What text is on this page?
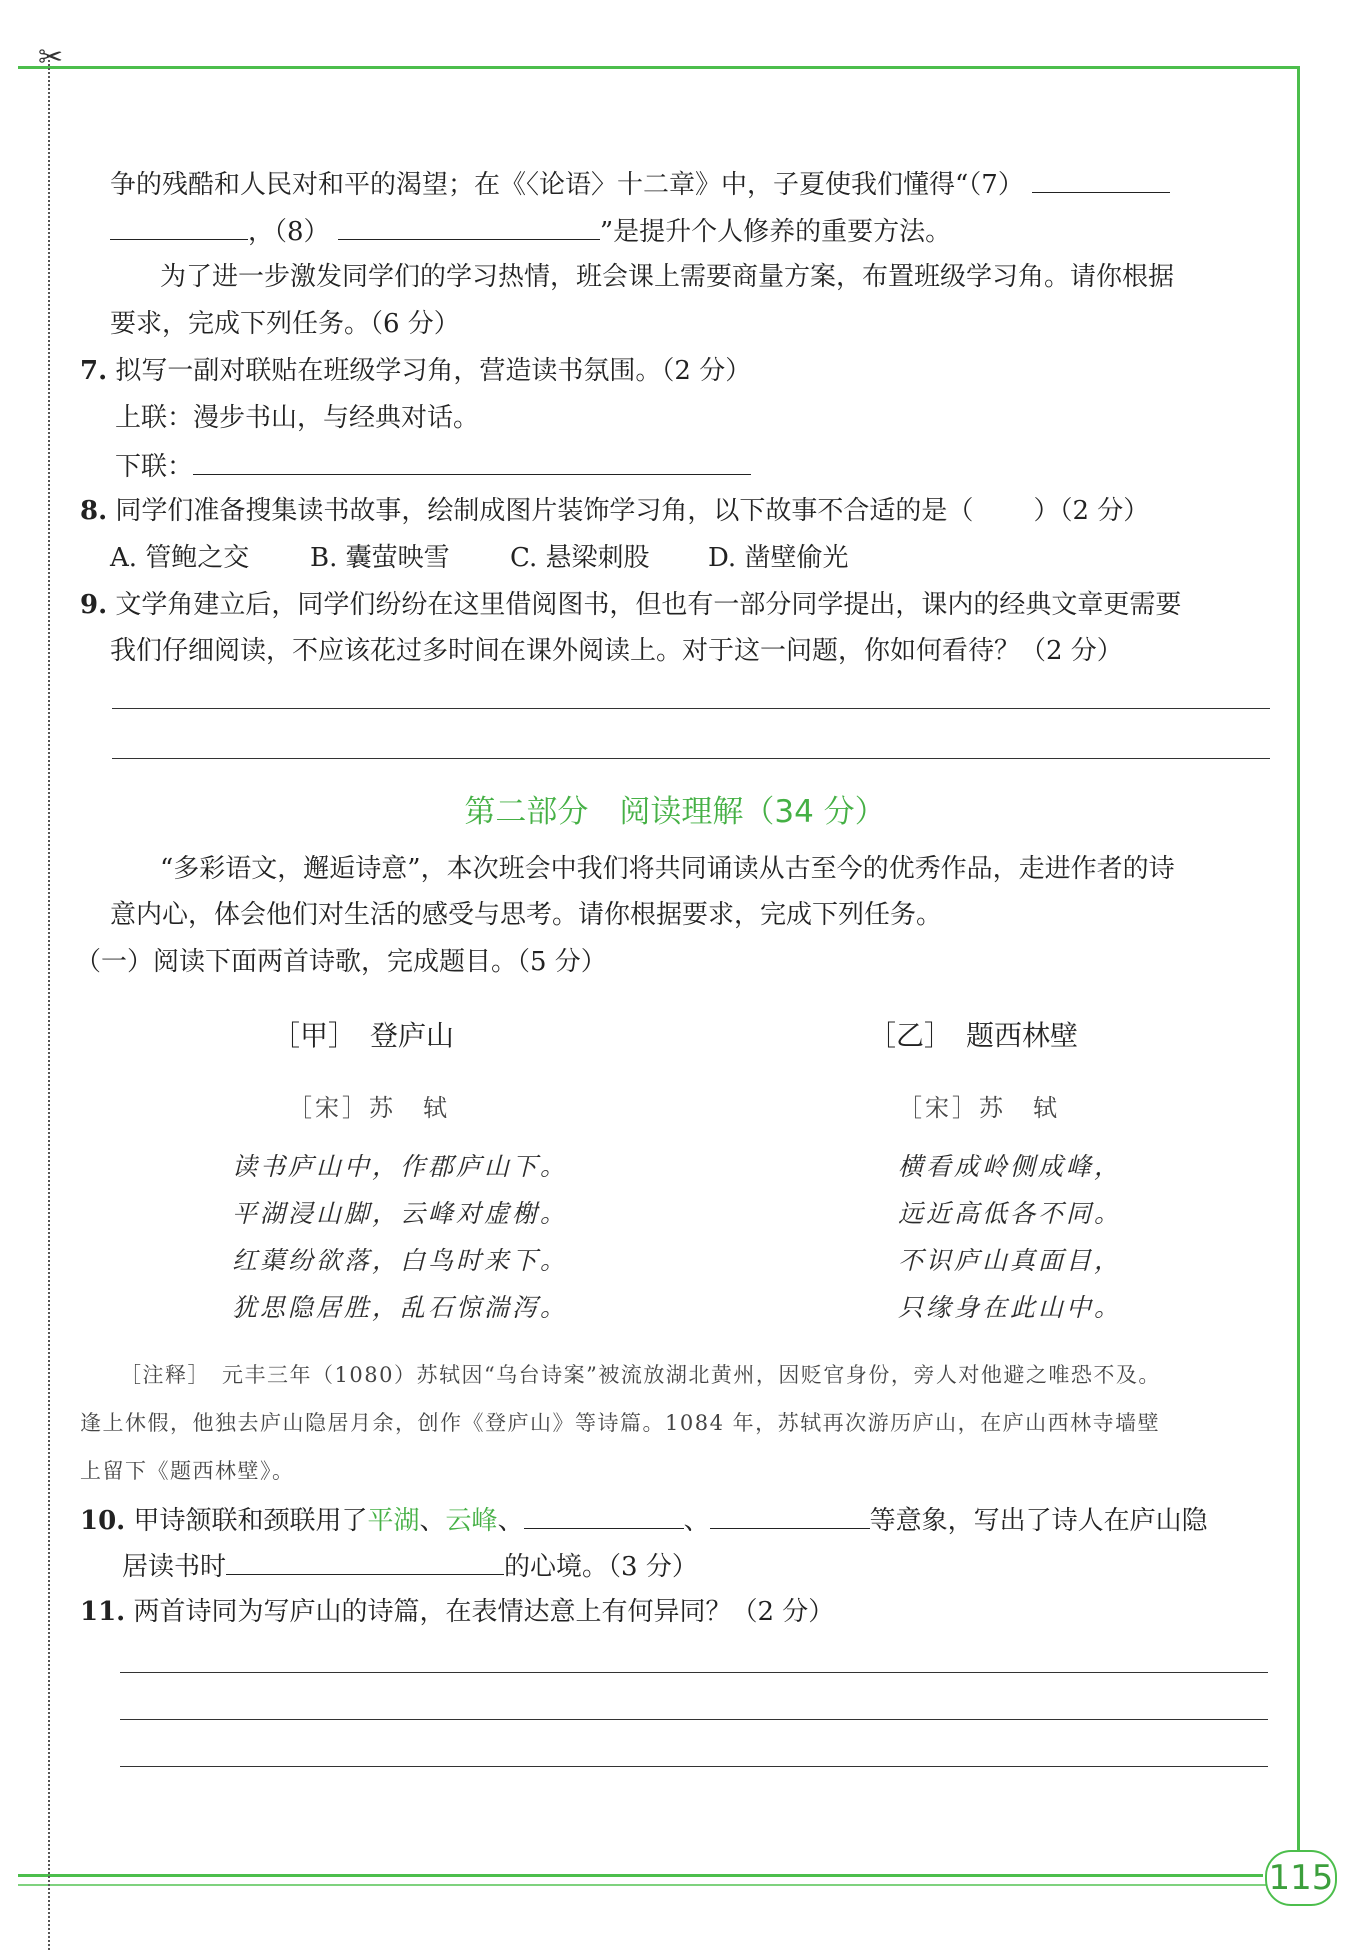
✂
115
争的残酷和人民对和平的渴望；在《〈论语〉十二章》中，子夏使我们懂得“（7）
，（8）	”是提升个人修养的重要方法。
为了进一步激发同学们的学习热情，班会课上需要商量方案，布置班级学习角。请你根据
要求，完成下列任务。（6 分）
7. 拟写一副对联贴在班级学习角，营造读书氛围。（2 分）
上联：漫步书山，与经典对话。
下联：
8. 同学们准备搜集读书故事，绘制成图片装饰学习角，以下故事不合适的是（ ）（2 分）
A. 管鲍之交 B. 囊萤映雪 C. 悬梁刺股 D. 凿壁偷光
9. 文学角建立后，同学们纷纷在这里借阅图书，但也有一部分同学提出，课内的经典文章更需要
我们仔细阅读，不应该花过多时间在课外阅读上。对于这一问题，你如何看待？（2 分）
第二部分　阅读理解（34 分）
“多彩语文，邂逅诗意”，本次班会中我们将共同诵读从古至今的优秀作品，走进作者的诗
意内心，体会他们对生活的感受与思考。请你根据要求，完成下列任务。
（一）阅读下面两首诗歌，完成题目。（5 分）
［甲］　登庐山
［宋］苏　轼
读书庐山中，作郡庐山下。
平湖浸山脚，云峰对虚榭。
红蕖纷欲落，白鸟时来下。
犹思隐居胜，乱石惊湍泻。
［乙］　题西林壁
［宋］苏　轼
横看成岭侧成峰，
远近高低各不同。
不识庐山真面目，
只缘身在此山中。
［注释］　元丰三年（1080）苏轼因“乌台诗案”被流放湖北黄州，因贬官身份，旁人对他避之唯恐不及。
逢上休假，他独去庐山隐居月余，创作《登庐山》等诗篇。1084 年，苏轼再次游历庐山，在庐山西林寺墙壁
上留下《题西林壁》。
10. 甲诗颔联和颈联用了平湖、云峰、	、	等意象，写出了诗人在庐山隐
居读书时	的心境。（3 分）
11. 两首诗同为写庐山的诗篇，在表情达意上有何异同？（2 分）
